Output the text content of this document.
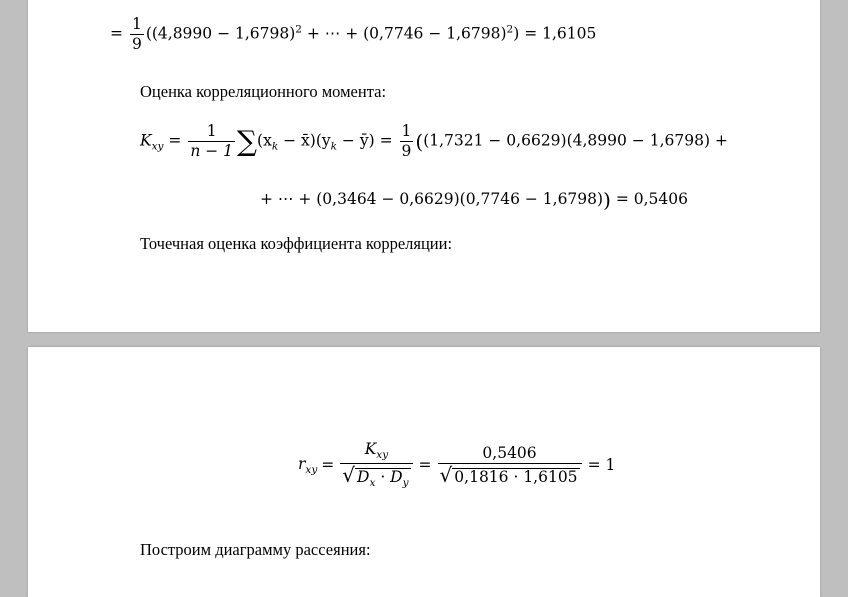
= $\frac{1}{9} ((4,8990 - 1,6798)^2$ + ⋯ + $(0,7746 - 1,6798)^2) = 1,6105$
Оценка корреляционного момента:
$K_{xy} = \frac{1}{n - 1} \sum(x_k$ − $x̄)(y_k$ − ȳ) = $\frac{1}{9} ((1,7321 - 0,6629)(4,8990 - 1,6798)$ +
+ ⋯ + (0,3464 − 0,6629)(0,7746 − 1,6798)) = 0,5406
Точечная оценка коэффициента корреляции:
$r_{xy} = \frac{K_{xy}}{√ D_x \cdot D_y} = \frac{0,5406}{√ 0,1816 \cdot 1,6105} = 1$
Построим диаграмму рассеяния:
